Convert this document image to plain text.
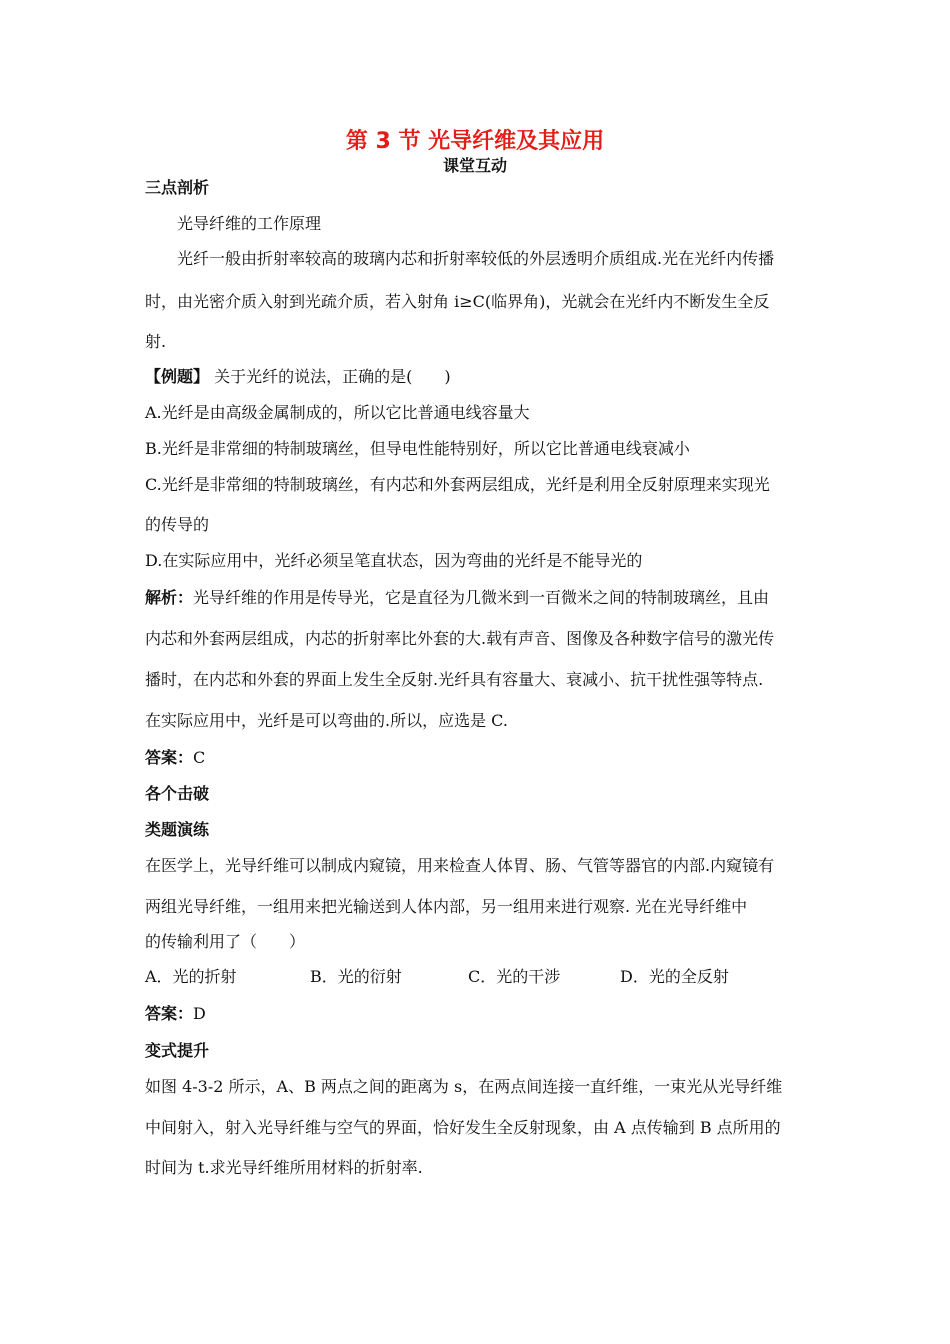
第 3 节 光导纤维及其应用
课堂互动
三点剖析
光导纤维的工作原理
光纤一般由折射率较高的玻璃内芯和折射率较低的外层透明介质组成.光在光纤内传播
时，由光密介质入射到光疏介质，若入射角 i≥C(临界角)，光就会在光纤内不断发生全反
射.
【例题】 关于光纤的说法，正确的是(　　)
A.光纤是由高级金属制成的，所以它比普通电线容量大
B.光纤是非常细的特制玻璃丝，但导电性能特别好，所以它比普通电线衰减小
C.光纤是非常细的特制玻璃丝，有内芯和外套两层组成，光纤是利用全反射原理来实现光
的传导的
D.在实际应用中，光纤必须呈笔直状态，因为弯曲的光纤是不能导光的
解析：光导纤维的作用是传导光，它是直径为几微米到一百微米之间的特制玻璃丝，且由
内芯和外套两层组成，内芯的折射率比外套的大.载有声音、图像及各种数字信号的激光传
播时，在内芯和外套的界面上发生全反射.光纤具有容量大、衰减小、抗干扰性强等特点.
在实际应用中，光纤是可以弯曲的.所以，应选是 C.
答案：C
各个击破
类题演练
在医学上，光导纤维可以制成内窥镜，用来检查人体胃、肠、气管等器官的内部.内窥镜有
两组光导纤维，一组用来把光输送到人体内部，另一组用来进行观察. 光在光导纤维中
的传输利用了（　　）
A．光的折射	B．光的衍射	C．光的干涉	D．光的全反射
答案：D
变式提升
如图 4-3-2 所示，A、B 两点之间的距离为 s，在两点间连接一直纤维，一束光从光导纤维
中间射入，射入光导纤维与空气的界面，恰好发生全反射现象，由 A 点传输到 B 点所用的
时间为 t.求光导纤维所用材料的折射率.
